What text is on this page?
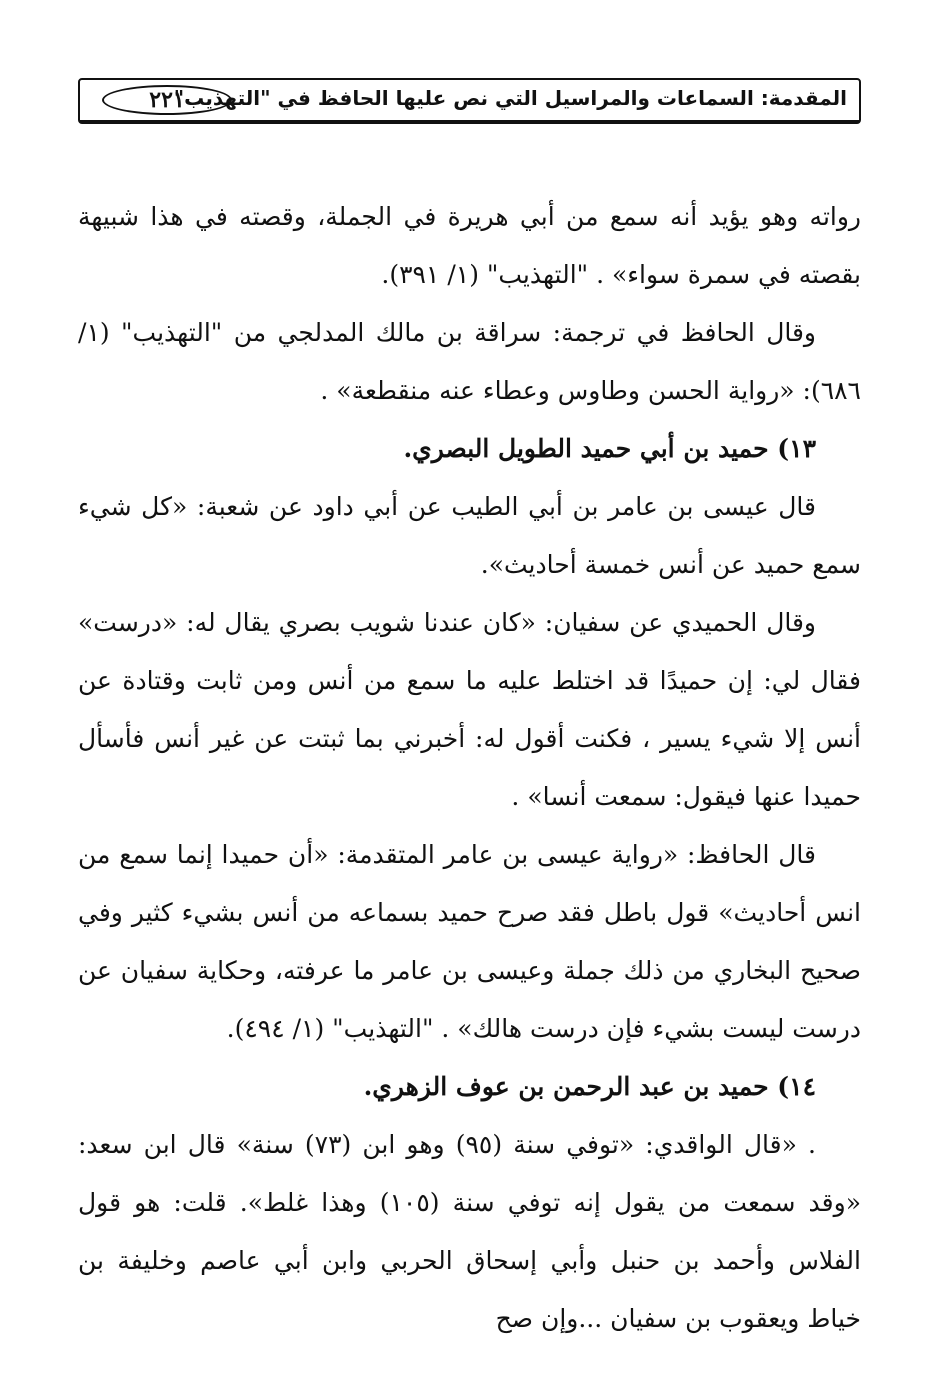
المقدمة: السماعات والمراسيل التي نص عليها الحافظ في "التهذيب"
٢٢١

رواته وهو يؤيد أنه سمع من أبي هريرة في الجملة، وقصته في هذا شبيهة بقصته في سمرة سواء» . "التهذيب" (١/ ٣٩١).

وقال الحافظ في ترجمة: سراقة بن مالك المدلجي من "التهذيب" (١/ ٦٨٦): «رواية الحسن وطاوس وعطاء عنه منقطعة» .

١٣) حميد بن أبي حميد الطويل البصري.

قال عيسى بن عامر بن أبي الطيب عن أبي داود عن شعبة: «كل شيء سمع حميد عن أنس خمسة أحاديث».

وقال الحميدي عن سفيان: «كان عندنا شويب بصري يقال له: «درست» فقال لي: إن حميدًا قد اختلط عليه ما سمع من أنس ومن ثابت وقتادة عن أنس إلا شيء يسير ، فكنت أقول له: أخبرني بما ثبتت عن غير أنس فأسأل حميدا عنها فيقول: سمعت أنسا» .

قال الحافظ: «رواية عيسى بن عامر المتقدمة: «أن حميدا إنما سمع من انس أحاديث» قول باطل فقد صرح حميد بسماعه من أنس بشيء كثير وفي صحيح البخاري من ذلك جملة وعيسى بن عامر ما عرفته، وحكاية سفيان عن درست ليست بشيء فإن درست هالك» . "التهذيب" (١/ ٤٩٤).

١٤) حميد بن عبد الرحمن بن عوف الزهري.

. «قال الواقدي: «توفي سنة (٩٥) وهو ابن (٧٣) سنة» قال ابن سعد: «وقد سمعت من يقول إنه توفي سنة (١٠٥) وهذا غلط». قلت: هو قول الفلاس وأحمد بن حنبل وأبي إسحاق الحربي وابن أبي عاصم وخليفة بن خياط ويعقوب بن سفيان ...وإن صح
